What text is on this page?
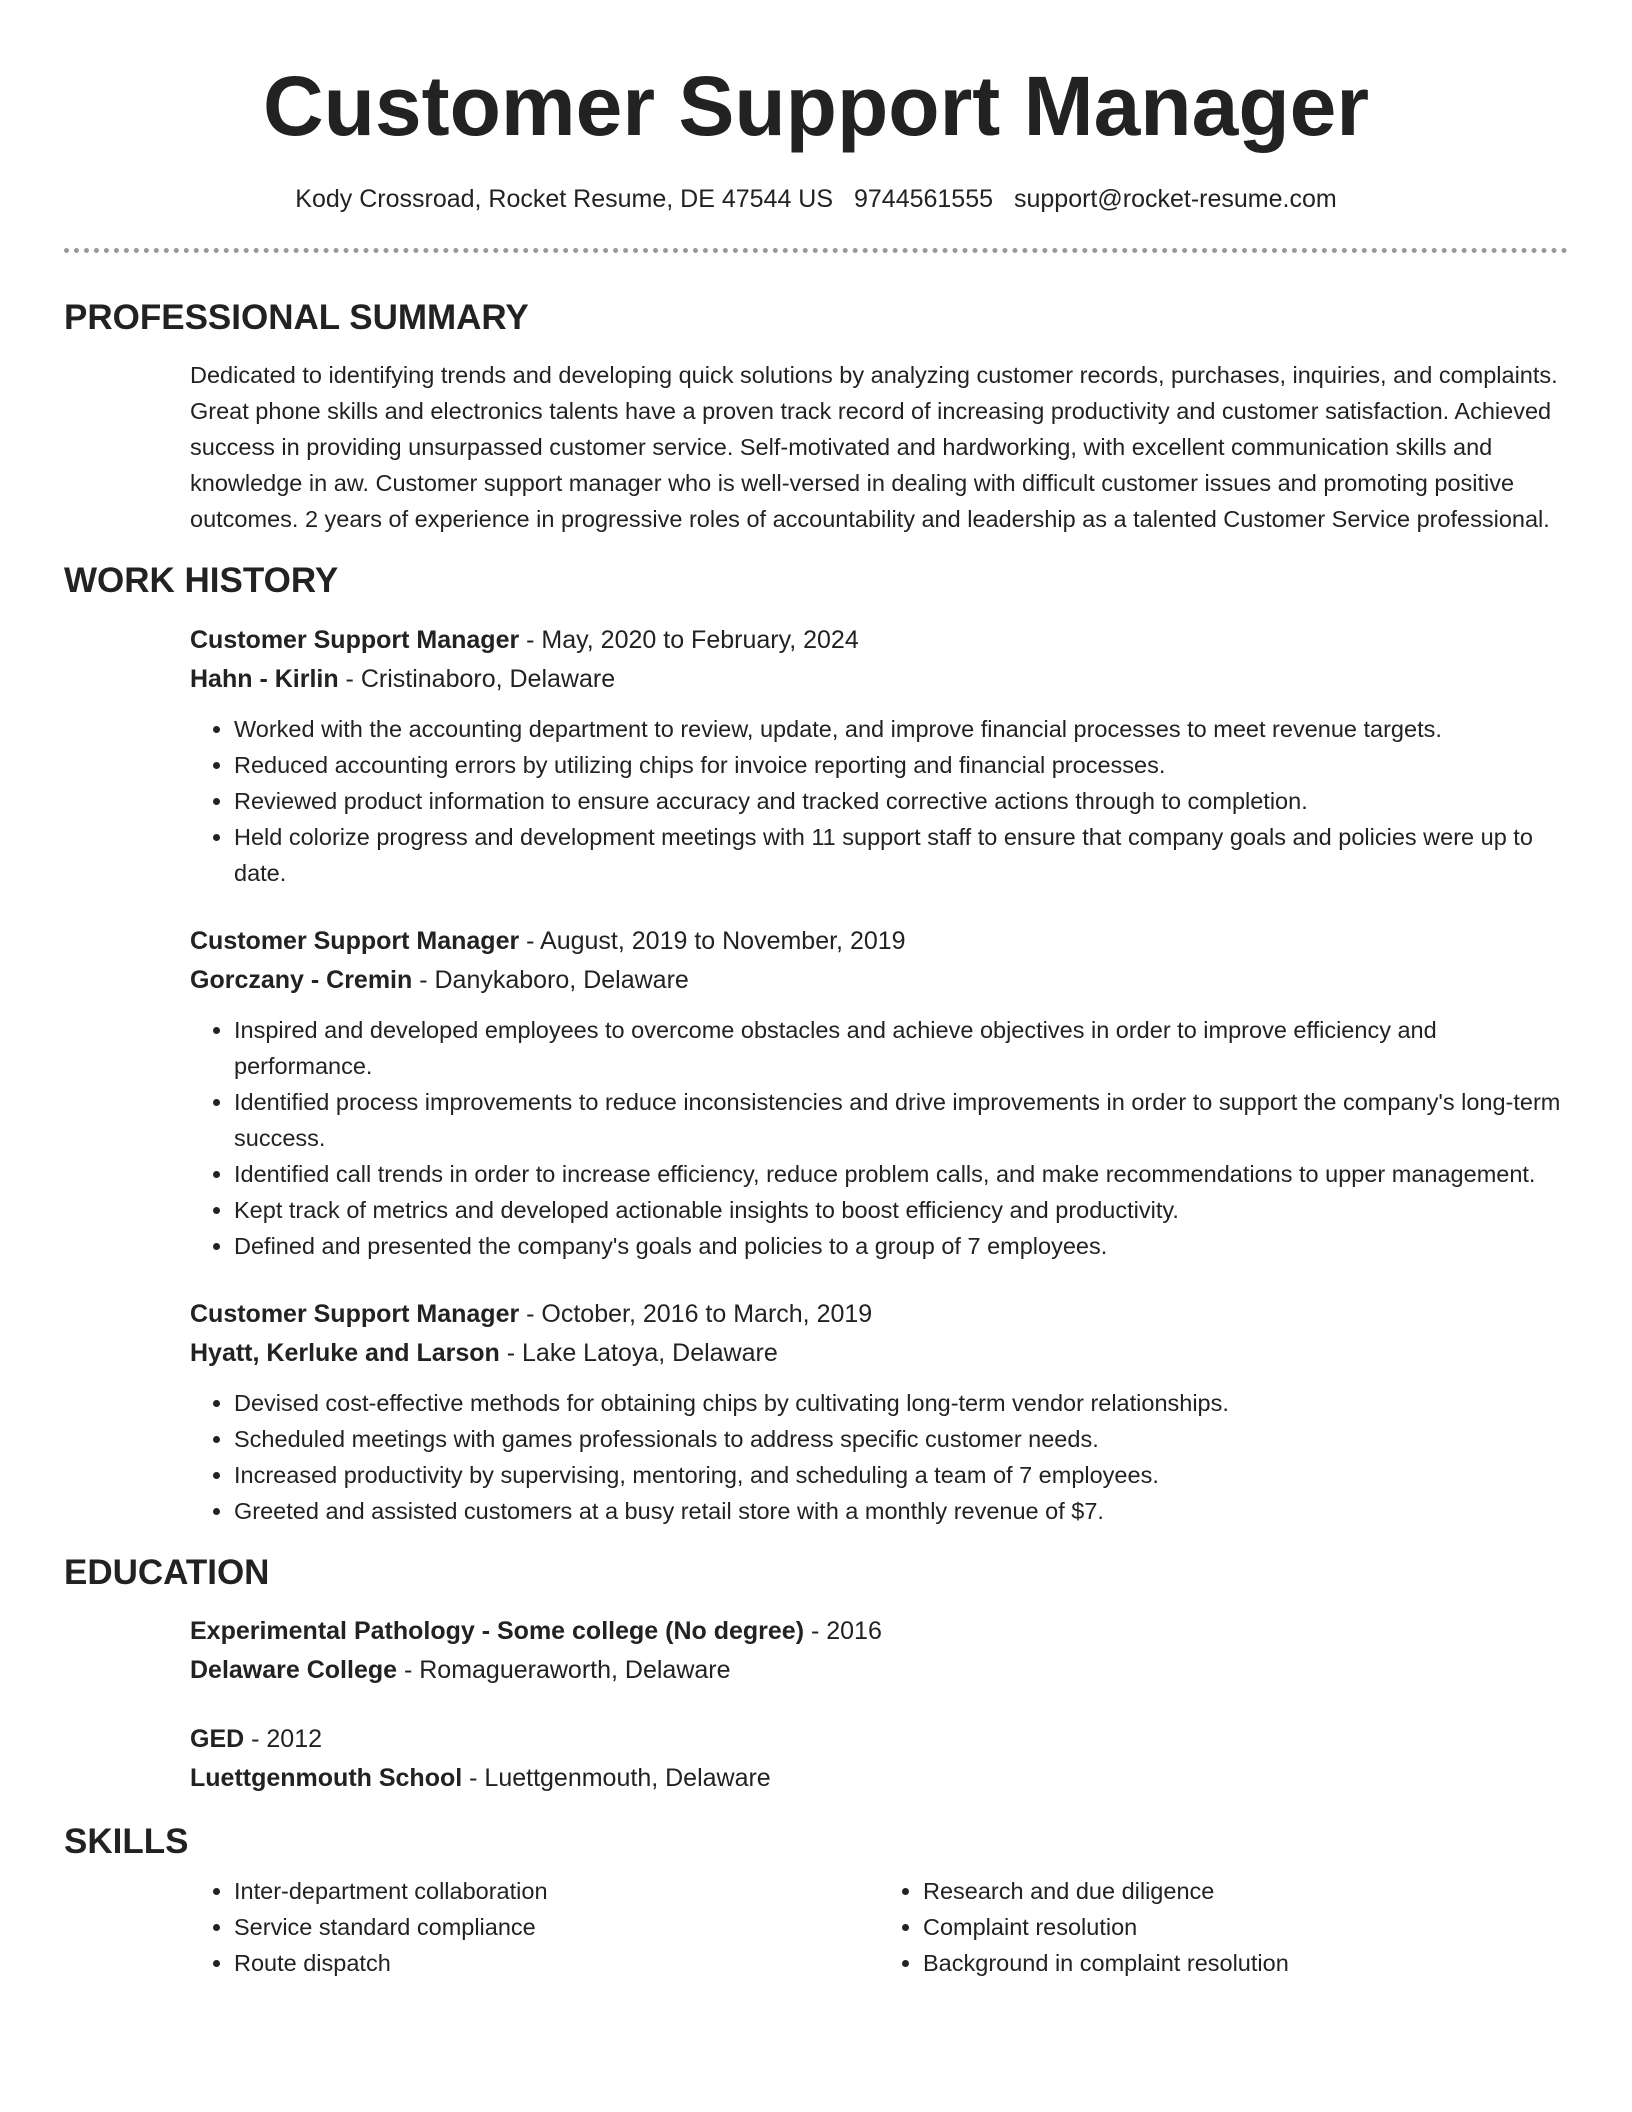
Customer Support Manager
Kody Crossroad, Rocket Resume, DE 47544 US 9744561555 support@rocket-resume.com
PROFESSIONAL SUMMARY

Dedicated to identifying trends and developing quick solutions by analyzing customer records, purchases, inquiries, and complaints. Great phone skills and electronics talents have a proven track record of increasing productivity and customer satisfaction. Achieved success in providing unsurpassed customer service. Self-motivated and hardworking, with excellent communication skills and knowledge in aw. Customer support manager who is well-versed in dealing with difficult customer issues and promoting positive outcomes. 2 years of experience in progressive roles of accountability and leadership as a talented Customer Service professional.

WORK HISTORY

Customer Support Manager - May, 2020 to February, 2024

Hahn - Kirlin - Cristinaboro, Delaware

• Worked with the accounting department to review, update, and improve financial processes to meet revenue targets.
• Reduced accounting errors by utilizing chips for invoice reporting and financial processes.
• Reviewed product information to ensure accuracy and tracked corrective actions through to completion.
• Held colorize progress and development meetings with 11 support staff to ensure that company goals and policies were up to date.

Customer Support Manager - August, 2019 to November, 2019

Gorczany - Cremin - Danykaboro, Delaware

• Inspired and developed employees to overcome obstacles and achieve objectives in order to improve efficiency and performance.
• Identified process improvements to reduce inconsistencies and drive improvements in order to support the company's long-term success.
• Identified call trends in order to increase efficiency, reduce problem calls, and make recommendations to upper management.
• Kept track of metrics and developed actionable insights to boost efficiency and productivity.
• Defined and presented the company's goals and policies to a group of 7 employees.

Customer Support Manager - October, 2016 to March, 2019

Hyatt, Kerluke and Larson - Lake Latoya, Delaware

• Devised cost-effective methods for obtaining chips by cultivating long-term vendor relationships.
• Scheduled meetings with games professionals to address specific customer needs.
• Increased productivity by supervising, mentoring, and scheduling a team of 7 employees.
• Greeted and assisted customers at a busy retail store with a monthly revenue of $7.
EDUCATION

Experimental Pathology - Some college (No degree) - 2016

Delaware College - Romagueraworth, Delaware

GED - 2012

Luettgenmouth School - Luettgenmouth, Delaware

SKILLS
• Inter-department collaboration
• Service standard compliance
• Route dispatch
• Research and due diligence
• Complaint resolution
• Background in complaint resolution
